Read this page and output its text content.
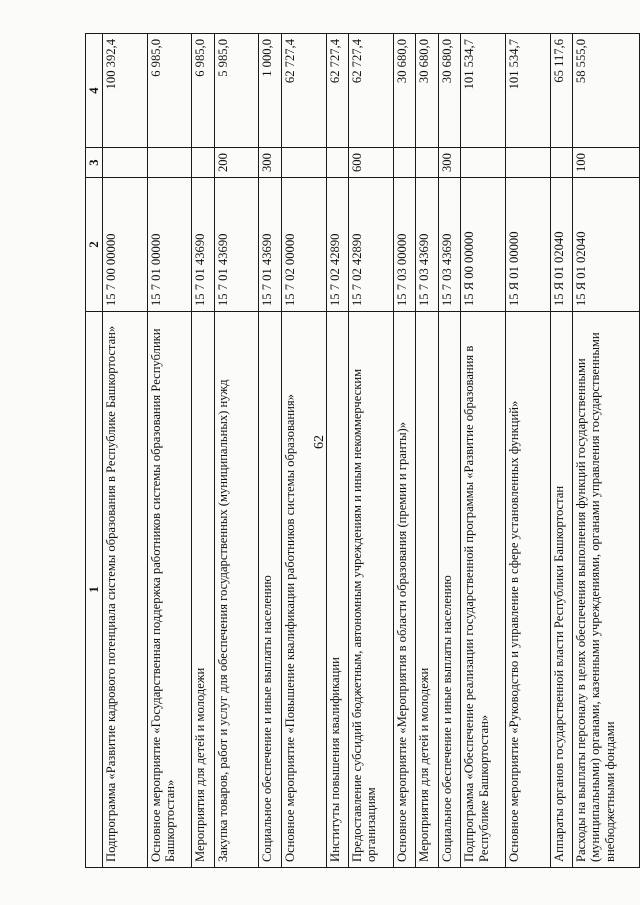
62
1	2	3	4
Подпрограмма «Развитие кадрового потенциала системы образования в Республике Башкортостан»	15 7 00 00000		100 392,4
Основное мероприятие «Государственная поддержка работников системы образования Республики Башкортостан»	15 7 01 00000		6 985,0
Мероприятия для детей и молодежи	15 7 01 43690		6 985,0
Закупка товаров, работ и услуг для обеспечения государственных (муниципальных) нужд	15 7 01 43690	200	5 985,0
Социальное обеспечение и иные выплаты населению	15 7 01 43690	300	1 000,0
Основное мероприятие «Повышение квалификации работников системы образования»	15 7 02 00000		62 727,4
Институты повышения квалификации	15 7 02 42890		62 727,4
Предоставление субсидий бюджетным, автономным учреждениям и иным некоммерческим организациям	15 7 02 42890	600	62 727,4
Основное мероприятие «Мероприятия в области образования (премии и гранты)»	15 7 03 00000		30 680,0
Мероприятия для детей и молодежи	15 7 03 43690		30 680,0
Социальное обеспечение и иные выплаты населению	15 7 03 43690	300	30 680,0
Подпрограмма «Обеспечение реализации государственной программы «Развитие образования в Республике Башкортостан»	15 Я 00 00000		101 534,7
Основное мероприятие «Руководство и управление в сфере установленных функций»	15 Я 01 00000		101 534,7
Аппараты органов государственной власти Республики Башкортостан	15 Я 01 02040		65 117,6
Расходы на выплаты персоналу в целях обеспечения выполнения функций государственными (муниципальными) органами, казенными учреждениями, органами управления государственными внебюджетными фондами	15 Я 01 02040	100	58 555,0
